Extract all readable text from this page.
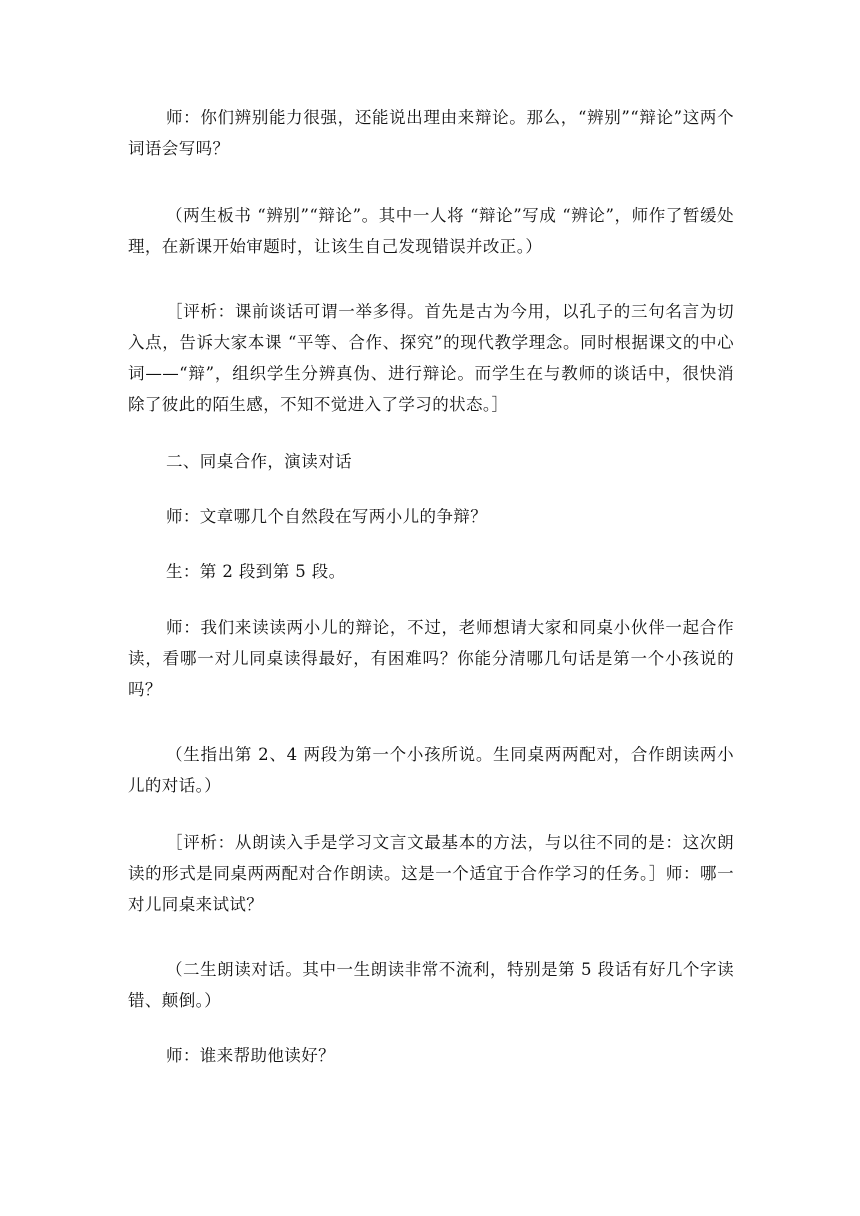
师：你们辨别能力很强，还能说出理由来辩论。那么，“辨别”“辩论”这两个词语会写吗？

（两生板书 “辨别”“辩论”。其中一人将 “辩论”写成 “辨论”，师作了暂缓处理，在新课开始审题时，让该生自己发现错误并改正。）

［评析：课前谈话可谓一举多得。首先是古为今用，以孔子的三句名言为切入点，告诉大家本课 “平等、合作、探究”的现代教学理念。同时根据课文的中心词——“辩”，组织学生分辨真伪、进行辩论。而学生在与教师的谈话中，很快消除了彼此的陌生感，不知不觉进入了学习的状态。］

二、同桌合作，演读对话

师：文章哪几个自然段在写两小儿的争辩？

生：第 2 段到第 5 段。

师：我们来读读两小儿的辩论，不过，老师想请大家和同桌小伙伴一起合作读，看哪一对儿同桌读得最好，有困难吗？你能分清哪几句话是第一个小孩说的吗？

（生指出第 2、4 两段为第一个小孩所说。生同桌两两配对，合作朗读两小儿的对话。）

［评析：从朗读入手是学习文言文最基本的方法，与以往不同的是：这次朗读的形式是同桌两两配对合作朗读。这是一个适宜于合作学习的任务。］师：哪一对儿同桌来试试？

（二生朗读对话。其中一生朗读非常不流利，特别是第 5 段话有好几个字读错、颠倒。）

师：谁来帮助他读好？
